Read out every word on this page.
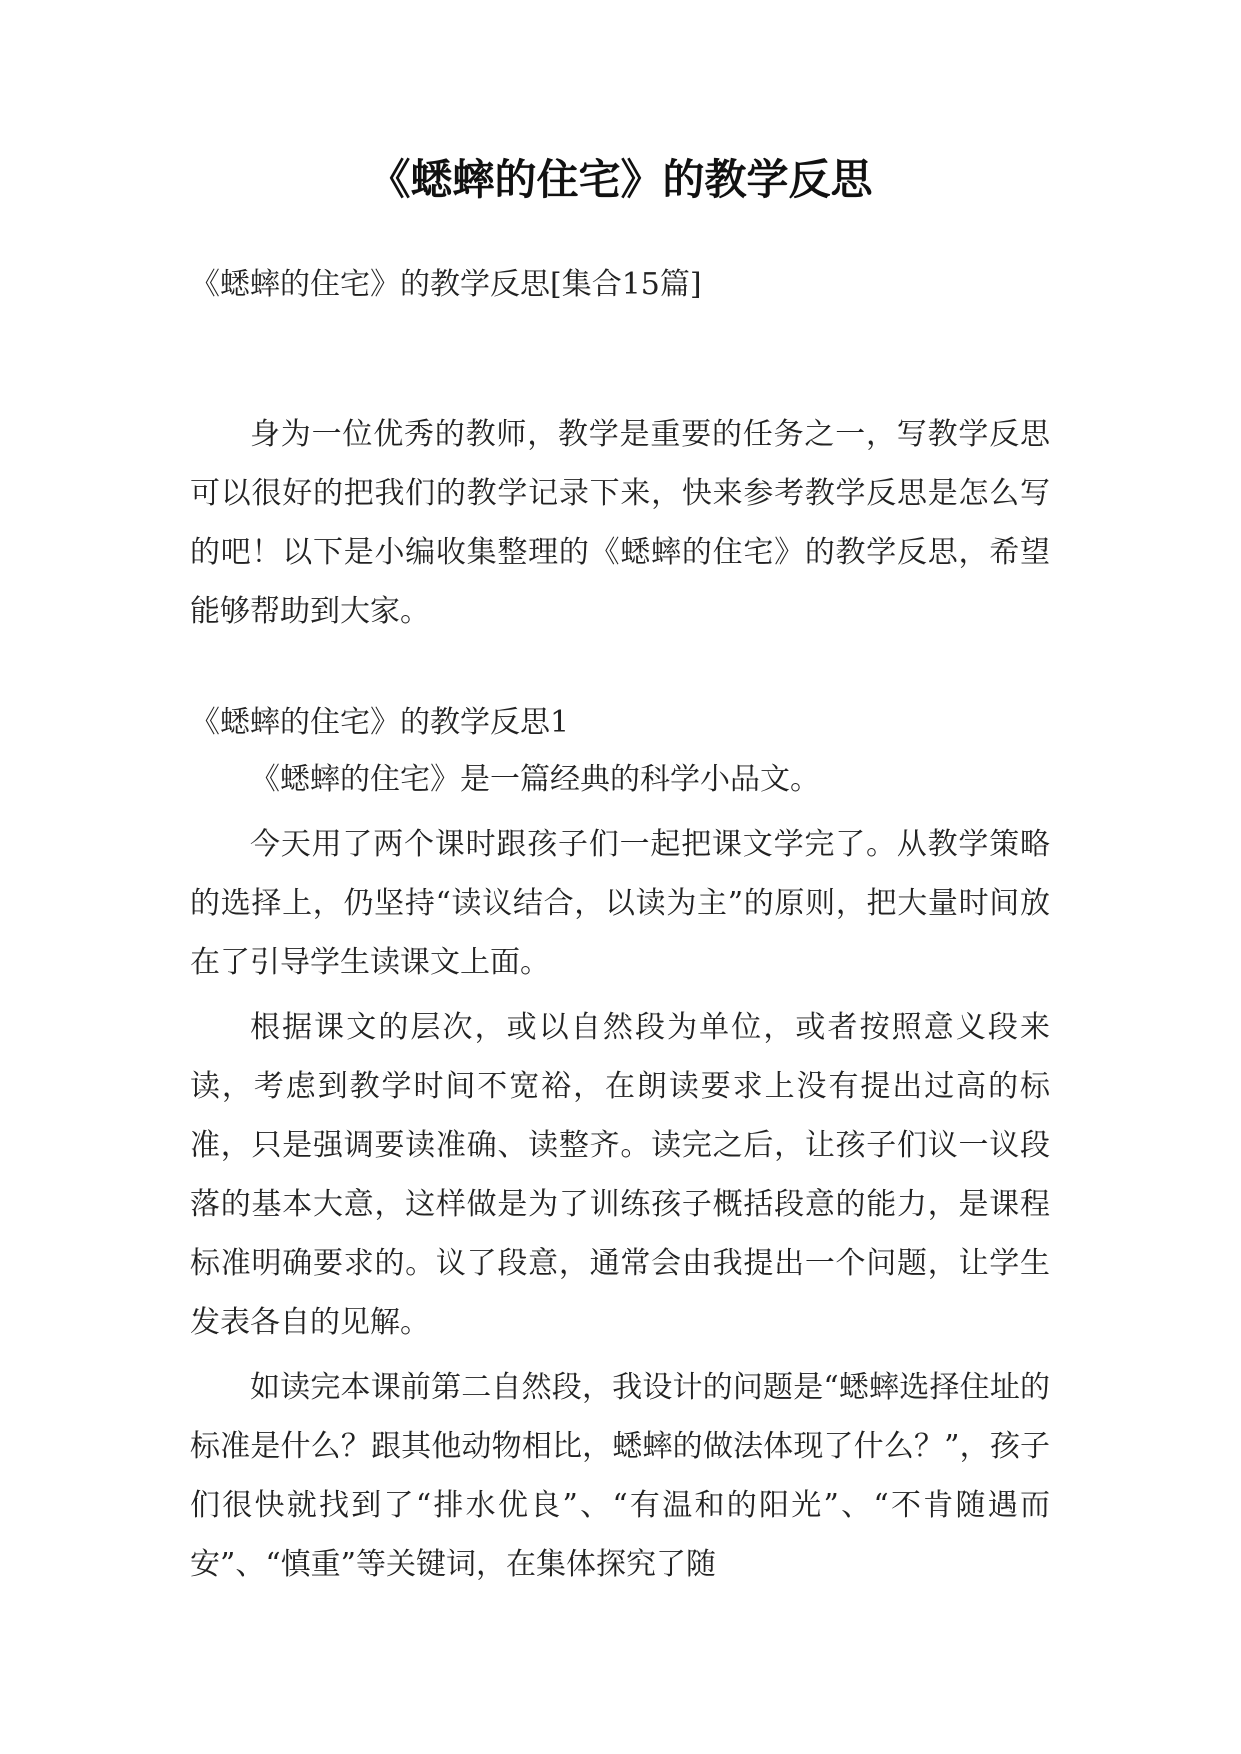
《蟋蟀的住宅》的教学反思

《蟋蟀的住宅》的教学反思[集合15篇]

身为一位优秀的教师，教学是重要的任务之一，写教学反思可以很好的把我们的教学记录下来，快来参考教学反思是怎么写的吧！以下是小编收集整理的《蟋蟀的住宅》的教学反思，希望能够帮助到大家。

《蟋蟀的住宅》的教学反思1

《蟋蟀的住宅》是一篇经典的科学小品文。

今天用了两个课时跟孩子们一起把课文学完了。从教学策略的选择上，仍坚持“读议结合，以读为主”的原则，把大量时间放在了引导学生读课文上面。

根据课文的层次，或以自然段为单位，或者按照意义段来读，考虑到教学时间不宽裕，在朗读要求上没有提出过高的标准，只是强调要读准确、读整齐。读完之后，让孩子们议一议段落的基本大意，这样做是为了训练孩子概括段意的能力，是课程标准明确要求的。议了段意，通常会由我提出一个问题，让学生发表各自的见解。

如读完本课前第二自然段，我设计的问题是“蟋蟀选择住址的标准是什么？跟其他动物相比，蟋蟀的做法体现了什么？”，孩子们很快就找到了“排水优良”、“有温和的阳光”、“不肯随遇而安”、“慎重”等关键词，在集体探究了随
